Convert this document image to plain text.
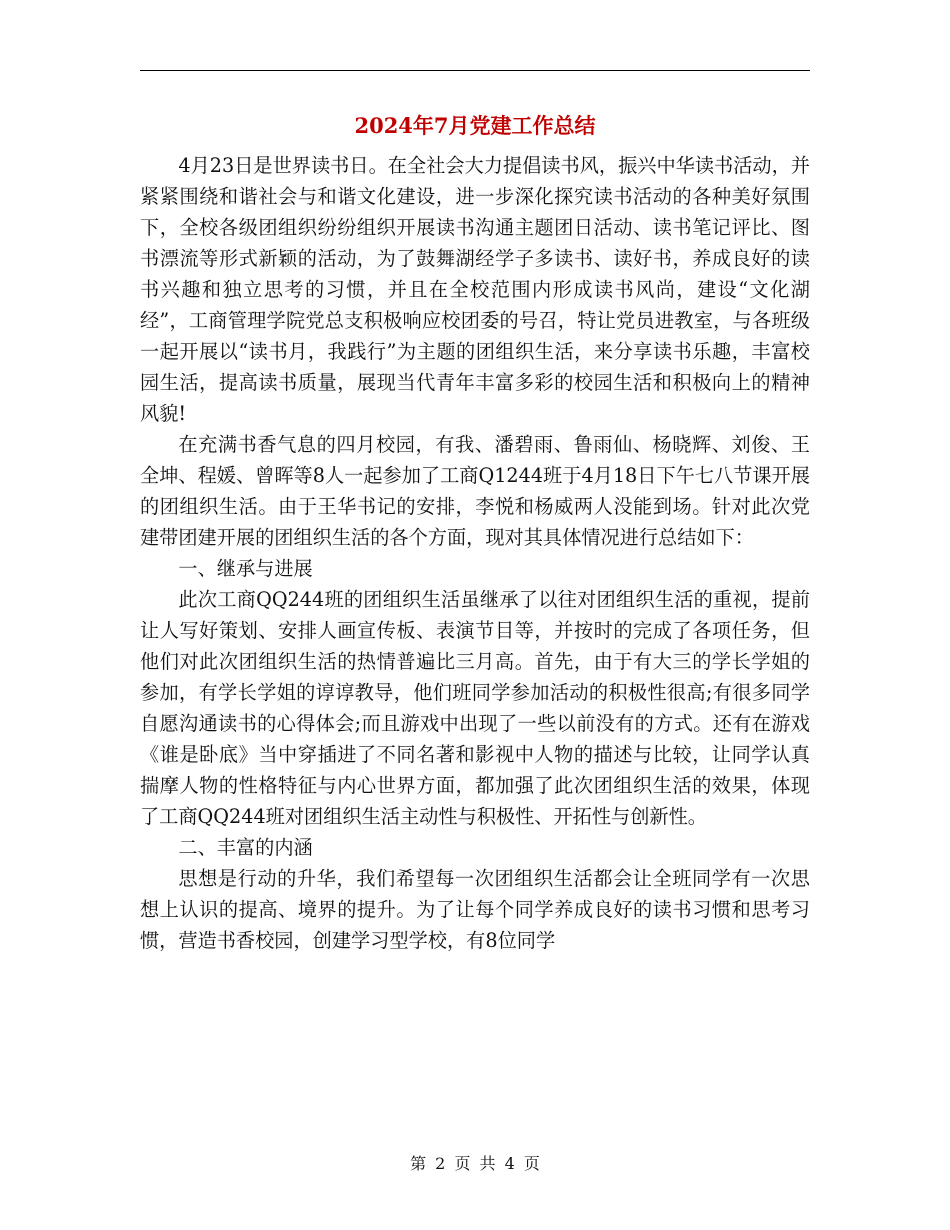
2024年7月党建工作总结

4月23日是世界读书日。在全社会大力提倡读书风，振兴中华读书活动，并紧紧围绕和谐社会与和谐文化建设，进一步深化探究读书活动的各种美好氛围下，全校各级团组织纷纷组织开展读书沟通主题团日活动、读书笔记评比、图书漂流等形式新颖的活动，为了鼓舞湖经学子多读书、读好书，养成良好的读书兴趣和独立思考的习惯，并且在全校范围内形成读书风尚，建设“文化湖经”，工商管理学院党总支积极响应校团委的号召，特让党员进教室，与各班级一起开展以“读书月，我践行”为主题的团组织生活，来分享读书乐趣，丰富校园生活，提高读书质量，展现当代青年丰富多彩的校园生活和积极向上的精神风貌!

在充满书香气息的四月校园，有我、潘碧雨、鲁雨仙、杨晓辉、刘俊、王全坤、程媛、曾晖等8人一起参加了工商Q1244班于4月18日下午七八节课开展的团组织生活。由于王华书记的安排，李悦和杨威两人没能到场。针对此次党建带团建开展的团组织生活的各个方面，现对其具体情况进行总结如下：

一、继承与进展

此次工商QQ244班的团组织生活虽继承了以往对团组织生活的重视，提前让人写好策划、安排人画宣传板、表演节目等，并按时的完成了各项任务，但他们对此次团组织生活的热情普遍比三月高。首先，由于有大三的学长学姐的参加，有学长学姐的谆谆教导，他们班同学参加活动的积极性很高;有很多同学自愿沟通读书的心得体会;而且游戏中出现了一些以前没有的方式。还有在游戏《谁是卧底》当中穿插进了不同名著和影视中人物的描述与比较，让同学认真揣摩人物的性格特征与内心世界方面，都加强了此次团组织生活的效果，体现了工商QQ244班对团组织生活主动性与积极性、开拓性与创新性。

二、丰富的内涵

思想是行动的升华，我们希望每一次团组织生活都会让全班同学有一次思想上认识的提高、境界的提升。为了让每个同学养成良好的读书习惯和思考习惯，营造书香校园，创建学习型学校，有8位同学

第 2 页 共 4 页
